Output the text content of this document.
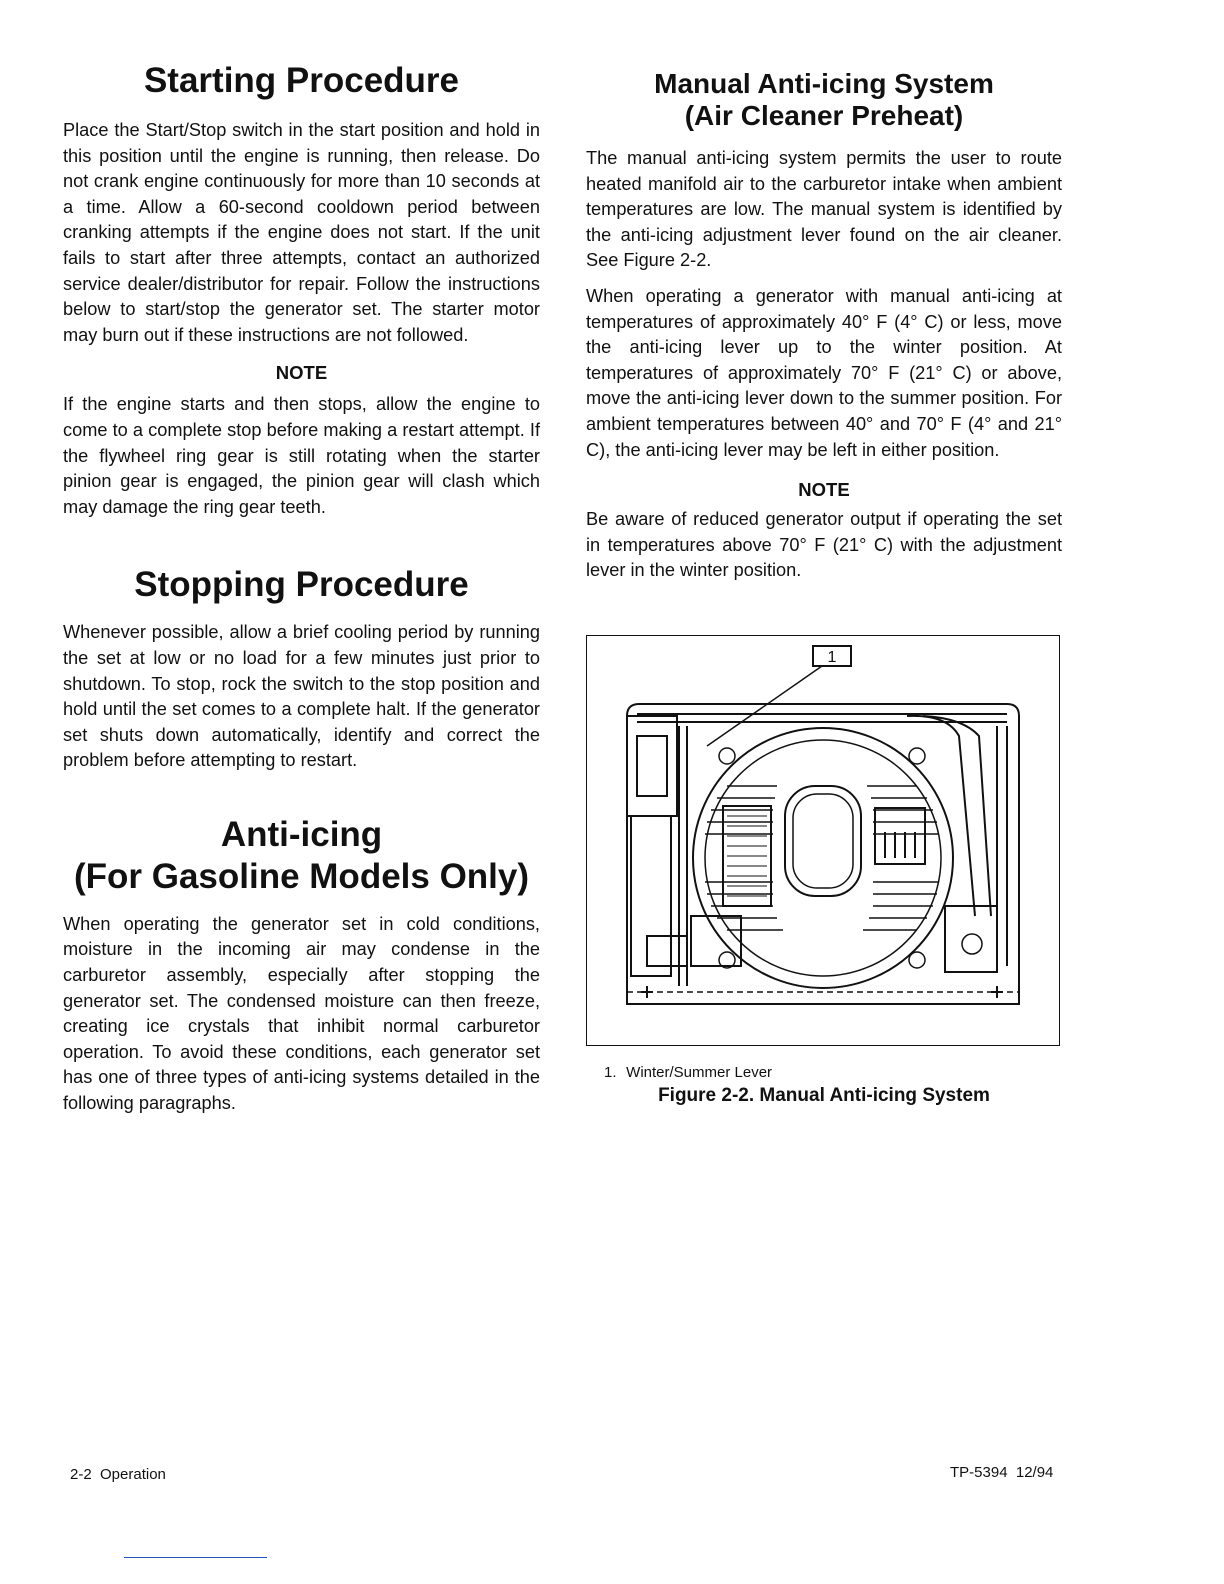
Starting Procedure

Place the Start/Stop switch in the start position and hold in this position until the engine is running, then release. Do not crank engine continuously for more than 10 seconds at a time. Allow a 60-second cooldown period between cranking attempts if the engine does not start. If the unit fails to start after three attempts, contact an authorized service dealer/distributor for repair. Follow the instructions below to start/stop the generator set. The starter motor may burn out if these instructions are not followed.

NOTE

If the engine starts and then stops, allow the engine to come to a complete stop before making a restart attempt. If the flywheel ring gear is still rotating when the starter pinion gear is engaged, the pinion gear will clash which may damage the ring gear teeth.

Stopping Procedure

Whenever possible, allow a brief cooling period by running the set at low or no load for a few minutes just prior to shutdown. To stop, rock the switch to the stop position and hold until the set comes to a complete halt. If the generator set shuts down automatically, identify and correct the problem before attempting to restart.

Anti-icing
(For Gasoline Models Only)

When operating the generator set in cold conditions, moisture in the incoming air may condense in the carburetor assembly, especially after stopping the generator set. The condensed moisture can then freeze, creating ice crystals that inhibit normal carburetor operation. To avoid these conditions, each generator set has one of three types of anti-icing systems detailed in the following paragraphs.

Manual Anti-icing System
(Air Cleaner Preheat)

The manual anti-icing system permits the user to route heated manifold air to the carburetor intake when ambient temperatures are low. The manual system is identified by the anti-icing adjustment lever found on the air cleaner. See Figure 2-2.

When operating a generator with manual anti-icing at temperatures of approximately 40° F (4° C) or less, move the anti-icing lever up to the winter position. At temperatures of approximately 70° F (21° C) or above, move the anti-icing lever down to the summer position. For ambient temperatures between 40° and 70° F (4° and 21° C), the anti-icing lever may be left in either position.

NOTE

Be aware of reduced generator output if operating the set in temperatures above 70° F (21° C) with the adjustment lever in the winter position.

1
1. Winter/Summer Lever
Figure 2-2. Manual Anti-icing System
2-2  Operation	TP-5394  12/94
